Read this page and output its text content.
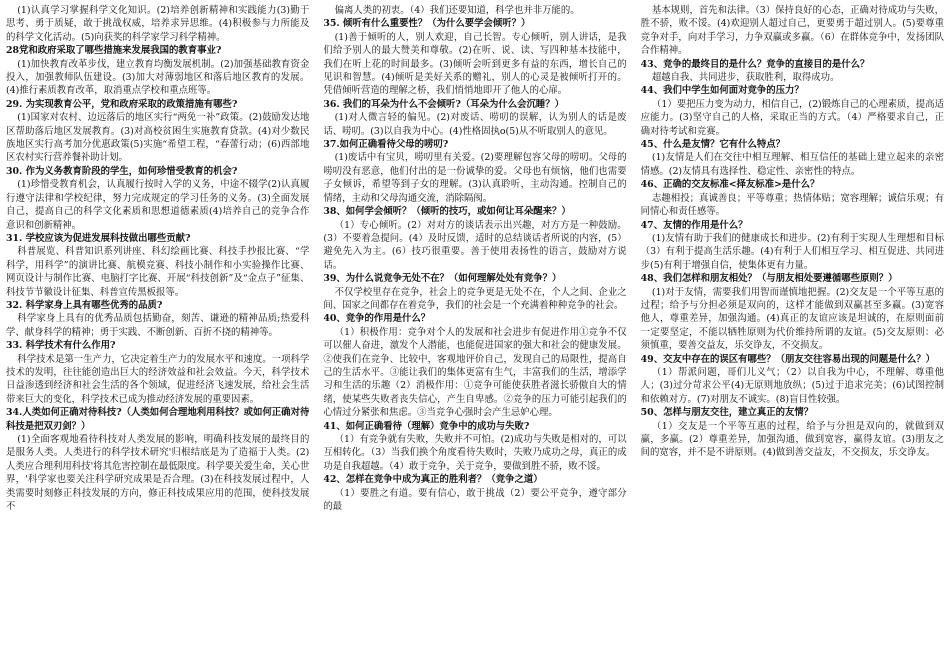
(1)认真学习掌握科学文化知识。(2)培养创新精神和实践能力(3)勤于思考、勇于质疑，敢于挑战权威，培养求异思维。(4)积极参与力所能及的科学文化活动。(5)向获奖的科学家学习科学精神。

28党和政府采取了哪些措施来发展我国的教育事业?

(1)加快教育改革步伐，建立教育均衡发展机制。(2)加强基础教育资金投入，加强教师队伍建设。(3)加大对薄弱地区和落后地区教育的发展。(4)推行素质教育改革，取消重点学校和重点班等。

29. 为实现教育公平，党和政府采取的政策措施有哪些?

(1)国家对农村、边远落后的地区实行“两免一补”政策。(2)鼓励发达地区帮助落后地区发展教育。(3)对高校贫困生实施教育贷款。(4)对少数民族地区实行高考加分优惠政策(5)实施“希望工程，“春蕾行动；(6)西部地区农村实行营养餐补助计划。

30. 作为义务教育阶段的学生，如何珍惜受教育的机会?

(1)珍惜受教育机会，认真履行按时入学的义务，中途不辍学(2)认真履行遵守法律和学校纪律，努力完成规定的学习任务的义务。(3)全面发展自己，提高自己的科学文化素质和思想道德素质(4)培养自己的竞争合作意识和创新精神。

31. 学校应该为促进发展科技做出哪些贡献?

科普展览、科普知识系列讲座、科幻绘画比赛、科技手抄报比赛、“学科学，用科学”的演讲比赛、航模竞赛、科技小制作和小实验操作比赛、网页设计与制作比赛、电脑打字比赛、开展“科技创新”及“金点子”征集、科技节节徽设计征集、科普宣传黑板报等。

32. 科学家身上具有哪些优秀的品质?

科学家身上具有的优秀品质包括勤奋，刻苦、谦逊的精神品质;热爱科学、献身科学的精神；勇于实践、不断创新、百折不挠的精神等。

33. 科学技术有什么作用?

科学技术是第一生产力，它决定着生产力的发展水平和速度。一项科学技术的发明，往往能创造出巨大的经济效益和社会效益。今天，科学技术日益渗透到经济和社会生活的各个领域，促进经济飞速发展，给社会生活带来巨大的变化，科学技术已成为推动经济发展的重要因素。

34.人类如何正确对待科技?（人类如何合理地利用科技？或如何正确对待科技是把双刃剑？）

(1)全面客观地看待科技对人类发展的影响，明确科技发展的最终目的是服务人类。人类进行的科学技术研究'归根结底是为了造福于人类。(2)人类应合理利用科技'将其危害控制在最低限度。科学要关爱生命，关心世界，'科学家也要关注科学研究成果是否合理。(3)在科技发展过程中，人类需要时刻修正科技发展的方向，修正科技成果应用的范围，使科技发展不

偏离人类的初衷。（4）我们还要知道，科学也并非万能的。

35. 倾听有什么重要性？（为什么要学会倾听？）

(1)善于倾听的人，别人欢迎，自己长智。专心倾听，别人讲话，是我们给予别人的最大赞美和尊敬。(2)在听、说、读、写四种基本技能中，我们在听上花的时间最多。(3)倾听会听到更多有益的东西，增长自己的见识和智慧。(4)倾听是美好关系的赠礼，别人的心灵是被倾听打开的。凭借倾听营造的理解之桥，我们悄悄地即开了他人的心扉。

36. 我们的耳朵为什么不会倾听?（耳朵为什么会沉睡？）

(1)对人微言轻的偏见。(2)对废话、唠叨的误解，认为别人的话是废话、唠叨。(3)以自我为中心。(4)性格固执o(5)从不听取别人的意见。

37.如何正确看待父母的唠叨?

(1)废话中有宝贝，唠叨里有关爱。(2)要理解包容父母的唠叨。父母的唠叨没有恶意，他们付出的是一份诚挚的爱。父母也有烦恼，他们也需要子女倾诉，希望等到子女的理解。(3)认真聆听，主动沟通。控制自己的情绪，主动和父母沟通交流，消除隔阂。

38、如何学会倾听？（倾听的技巧，或如何让耳朵醒来？）

（1）专心倾听。(2）对对方的谈话表示出兴趣，对方方是一种鼓励。(3）不要着急提问。(4）及时反馈，适时的总结谈话者所说的内容，(5）避免先入为主。(6）技巧很重要。善于使用表扬性的语言，鼓励对方说话。

39、为什么说竞争无处不在？（如何理解处处有竞争？）

不仅学校里存在竞争，社会上的竞争更是无处不在，个人之间、企业之间、国家之间都存在着竞争，我们的社会是一个充满着种种竞争的社会。

40、竞争的作用是什么？

（1）积极作用：竞争对个人的发展和社会进步有促进作用①竞争不仅可以催人奋进，激发个人潜能，也能促进国家的强大和社会的健康发展。②使我们在竞争、比较中，客观地评价自己，发现自己的局限性，提高自己的生活水平。③能让我们的集体更富有生气，丰富我们的生活，增添学习和生活的乐趣（2）消极作用：①竞争可能使获胜者滋长骄傲自大的情绪，使某些失败者丧失信心，产生自卑感。②竞争的压力可能引起我们的心情过分紧张和焦虑。③当竞争心强时会产生忌妒心理。

41、如何正确看待（理解）竞争中的成功与失败?

（1）有竞争就有失败，失败并不可怕。(2)成功与失败是相对的，可以互相转化。（3）当我们换个角度看待失败时，失败乃成功之母，真正的成功是自我超越。（4）敢于竞争，关于竞争，要做到胜不骄，败不馁。

42、怎样在竞争中成为真正的胜利者？（竞争之道）

（1）要胜之有道。要有信心，敢于挑战（2）要公平竞争，遵守部分的最

基本规则，首先和法律。（3）保持良好的心态，正确对待成功与失败，胜不骄，败不馁。(4)欢迎别人超过自己，更要勇于超过别人。(5)要尊重竞争对手，向对手学习，力争双赢或多赢。（6）在群体竞争中，发扬团队合作精神。

43、竞争的最终目的是什么？竞争的直接目的是什么？

超越自我、共同进步，获取胜利，取得成功。

44、我们中学生如何面对竞争的压力？

（1）要把压力变为动力，相信自己，(2)锻炼自己的心理素质，提高适应能力。(3)坚守自己的人格，采取正当的方式。（4）严格要求自己，正确对待考试和竞赛。

45、什么是友情？它有什么特点？

(1)友情是人们在交往中相互理解、相互信任的基础上建立起来的亲密情感。(2)友情具有选择性、稳定性、亲密性的特点。

46、正确的交友标准<择友标准>是什么？

志趣相投；真诚善良；平等尊重；热情体贴；宽容理解；诚信乐观；有同情心和责任感等。

47、友情的作用是什么？

(1)友情有助于我们的健康成长和进步。(2)有利于实现人生理想和目标（3）有利于提高生活乐趣。(4)有利于人们相互学习、相互促进、共同进步(5)有利于增强自信，使集体更有力量。

48、我们怎样和朋友相处？（与朋友相处要遵循哪些原则？）

(1)对于友情，需要我们用智而谨慎地把握。(2)交友是一个平等互惠的过程；给予与分担必须是双向的，这样才能做到双赢甚至多赢。(3)宽容他人，尊重差异，加强沟通。(4)真正的友谊应该是坦诚的，在原则面前一定要坚定，不能以牺牲原则为代价维持所谓的友谊。(5)交友原则：必须慎重，要善交益友，乐交诤友，不交损友。

49、交友中存在的误区有哪些？（朋友交往容易出现的问题是什么？）

（1）帮派问题，哥们儿义气；（2）以自我为中心，不理解、尊重他人；(3)过分苛求公平(4)无原则地放纵；(5)过于追求完美；(6)试图控制和依赖对方。(7)对朋友不诚实。(8)盲目性较强。

50、怎样与朋友交往，建立真正的友情？

（1）交友是一个平等互惠的过程，给予与分担是双向的，就做到双赢，多赢。(2）尊重差异，加强沟通，做到宽容，赢得友谊。(3)朋友之间的宽容，并不是不讲原则。(4)做到善交益友，不交损友，乐交诤友。
